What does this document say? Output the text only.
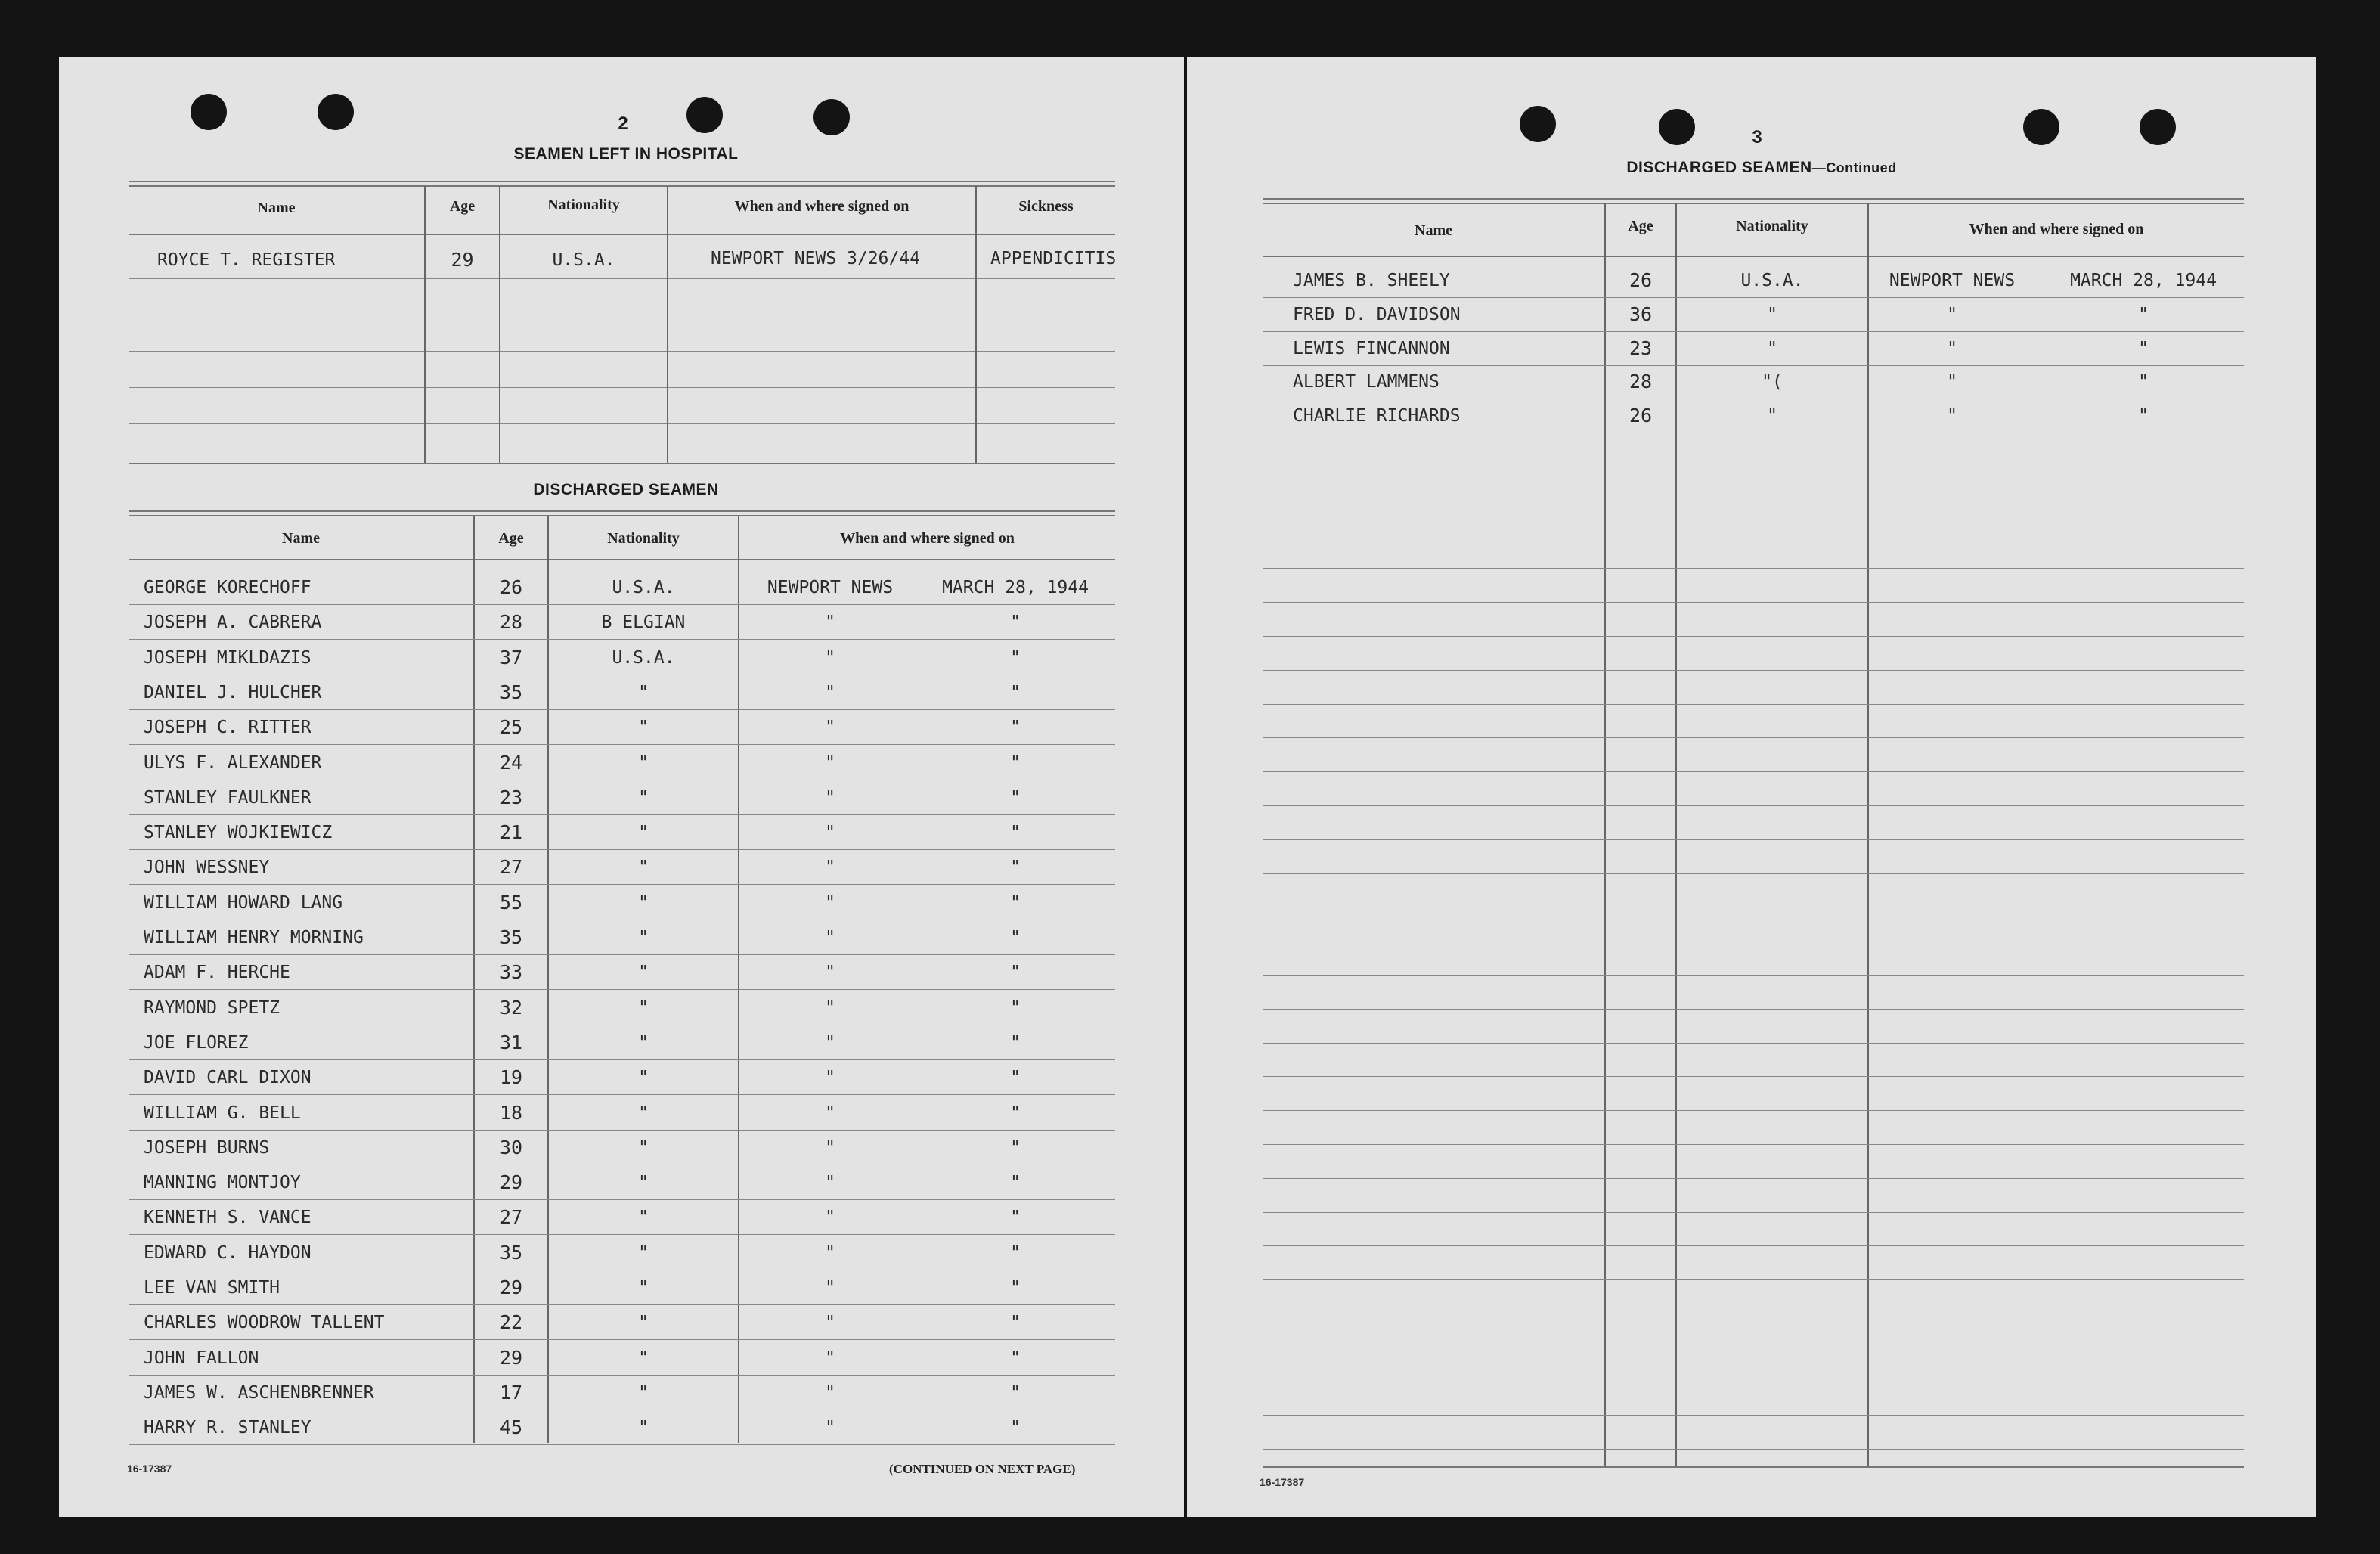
2
SEAMEN LEFT IN HOSPITAL
Name	Age	Nationality	When and where signed on	Sickness
ROYCE T. REGISTER	29	U.S.A.	NEWPORT NEWS 3/26/44	APPENDICITIS
DISCHARGED SEAMEN
Name	Age	Nationality	When and where signed on
GEORGE KORECHOFF	26	U.S.A.	NEWPORT NEWS	MARCH 28, 1944
JOSEPH A. CABRERA	28	B ELGIAN	"	"
JOSEPH MIKLDAZIS	37	U.S.A.	"	"
DANIEL J. HULCHER	35	"	"	"
JOSEPH C. RITTER	25	"	"	"
ULYS F. ALEXANDER	24	"	"	"
STANLEY FAULKNER	23	"	"	"
STANLEY WOJKIEWICZ	21	"	"	"
JOHN WESSNEY	27	"	"	"
WILLIAM HOWARD LANG	55	"	"	"
WILLIAM HENRY MORNING	35	"	"	"
ADAM F. HERCHE	33	"	"	"
RAYMOND SPETZ	32	"	"	"
JOE FLOREZ	31	"	"	"
DAVID CARL DIXON	19	"	"	"
WILLIAM G. BELL	18	"	"	"
JOSEPH BURNS	30	"	"	"
MANNING MONTJOY	29	"	"	"
KENNETH S. VANCE	27	"	"	"
EDWARD C. HAYDON	35	"	"	"
LEE VAN SMITH	29	"	"	"
CHARLES WOODROW TALLENT	22	"	"	"
JOHN FALLON	29	"	"	"
JAMES W. ASCHENBRENNER	17	"	"	"
HARRY R. STANLEY	45	"	"	"
16-17387	(CONTINUED ON NEXT PAGE)
3
DISCHARGED SEAMEN—Continued
Name	Age	Nationality	When and where signed on
JAMES B. SHEELY	26	U.S.A.	NEWPORT NEWS	MARCH 28, 1944
FRED D. DAVIDSON	36	"	"	"
LEWIS FINCANNON	23	"	"	"
ALBERT LAMMENS	28	"(	"	"
CHARLIE RICHARDS	26	"	"	"
16-17387
